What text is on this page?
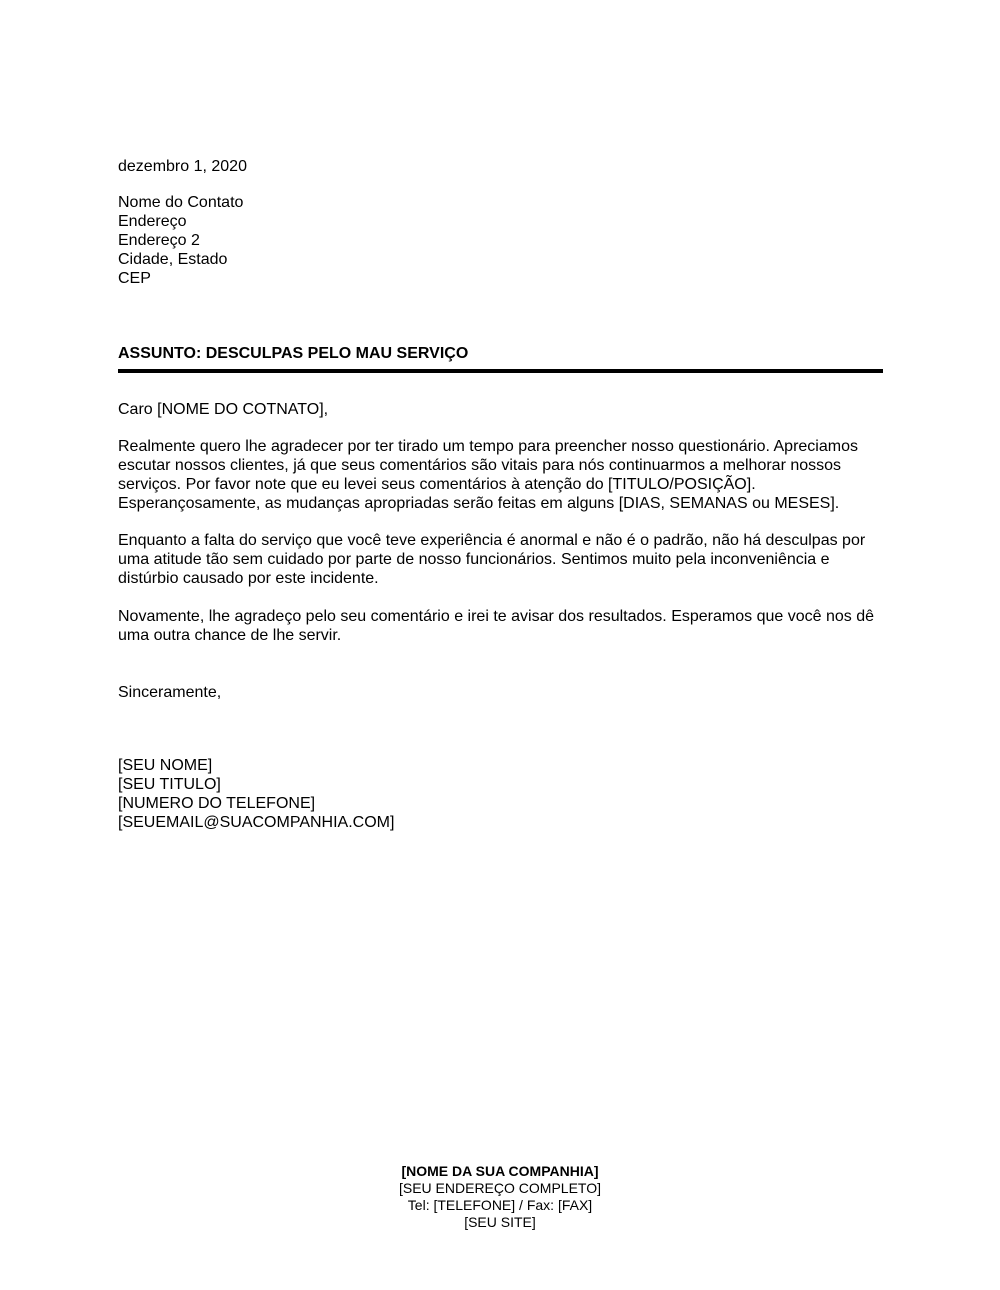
dezembro 1, 2020
Nome do Contato
Endereço
Endereço 2
Cidade, Estado
CEP
ASSUNTO: DESCULPAS PELO MAU SERVIÇO
Caro [NOME DO COTNATO],

Realmente quero lhe agradecer por ter tirado um tempo para preencher nosso questionário. Apreciamos escutar nossos clientes, já que seus comentários são vitais para nós continuarmos a melhorar nossos serviços. Por favor note que eu levei seus comentários à atenção do [TITULO/POSIÇÃO]. Esperançosamente, as mudanças apropriadas serão feitas em alguns [DIAS, SEMANAS ou MESES].

Enquanto a falta do serviço que você teve experiência é anormal e não é o padrão, não há desculpas por uma atitude tão sem cuidado por parte de nosso funcionários. Sentimos muito pela inconveniência e distúrbio causado por este incidente.

Novamente, lhe agradeço pelo seu comentário e irei te avisar dos resultados. Esperamos que você nos dê uma outra chance de lhe servir.

Sinceramente,
[SEU NOME]
[SEU TITULO]
[NUMERO DO TELEFONE]
[SEUEMAIL@SUACOMPANHIA.COM]
[NOME DA SUA COMPANHIA]
[SEU ENDEREÇO COMPLETO]
Tel: [TELEFONE] / Fax: [FAX]
[SEU SITE]
